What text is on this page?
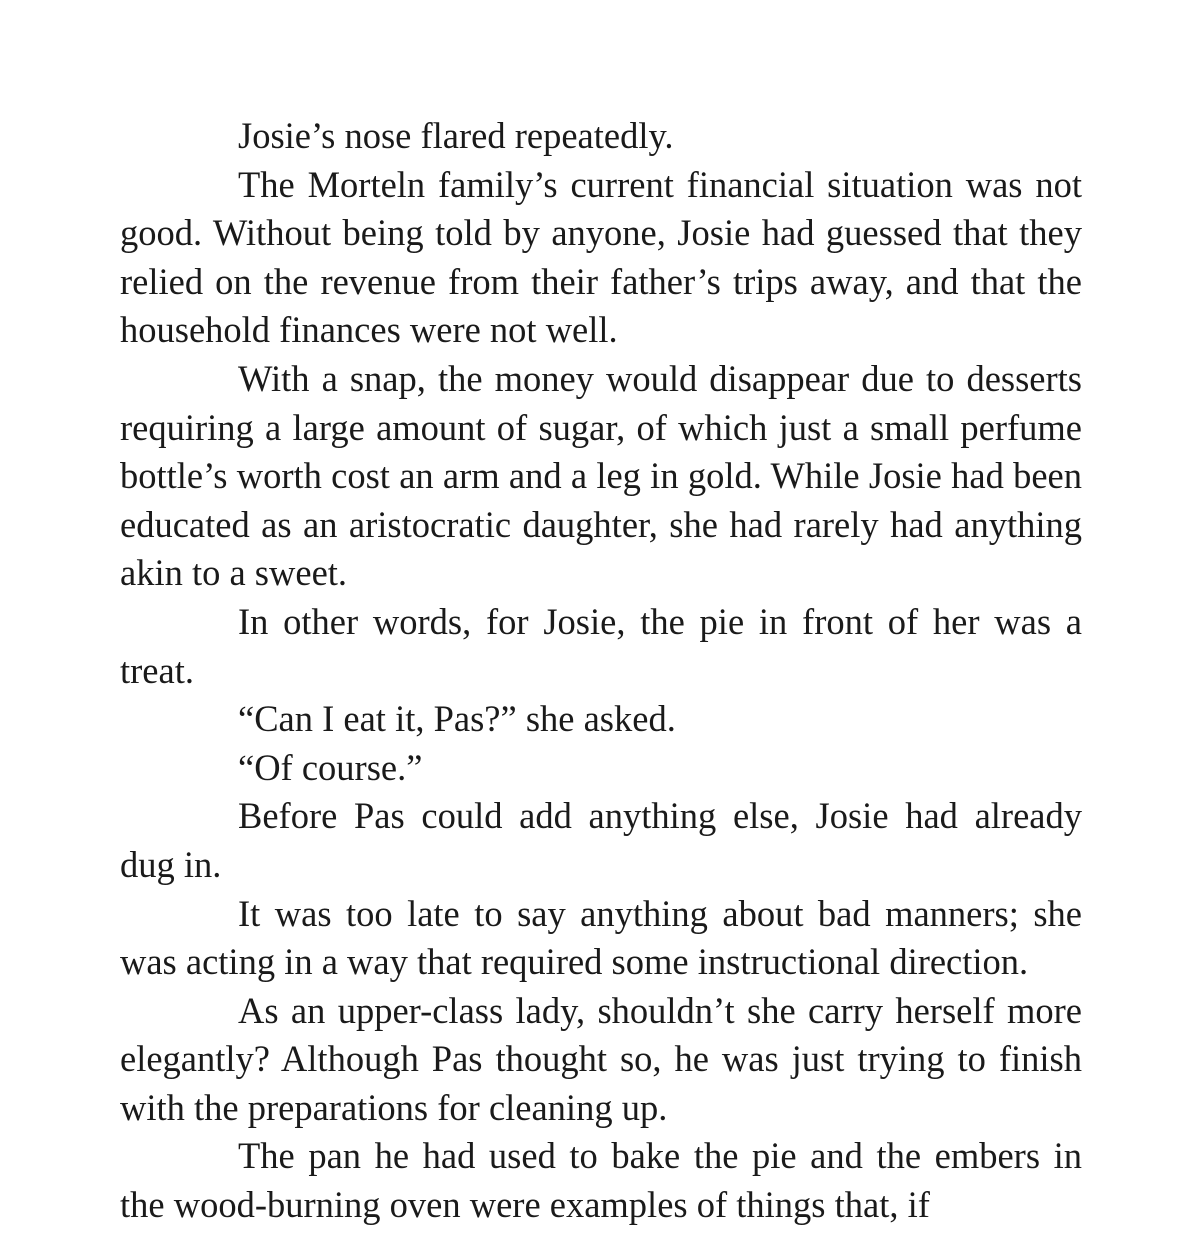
Josie’s nose flared repeatedly.

The Morteln family’s current financial situation was not good. Without being told by anyone, Josie had guessed that they relied on the revenue from their father’s trips away, and that the household finances were not well.

With a snap, the money would disappear due to desserts requiring a large amount of sugar, of which just a small perfume bottle’s worth cost an arm and a leg in gold. While Josie had been educated as an aristocratic daughter, she had rarely had anything akin to a sweet.

In other words, for Josie, the pie in front of her was a treat.

“Can I eat it, Pas?” she asked.

“Of course.”

Before Pas could add anything else, Josie had already dug in.

It was too late to say anything about bad manners; she was acting in a way that required some instructional direction.

As an upper-class lady, shouldn’t she carry herself more elegantly? Although Pas thought so, he was just trying to finish with the preparations for cleaning up.

The pan he had used to bake the pie and the embers in the wood-burning oven were examples of things that, if
